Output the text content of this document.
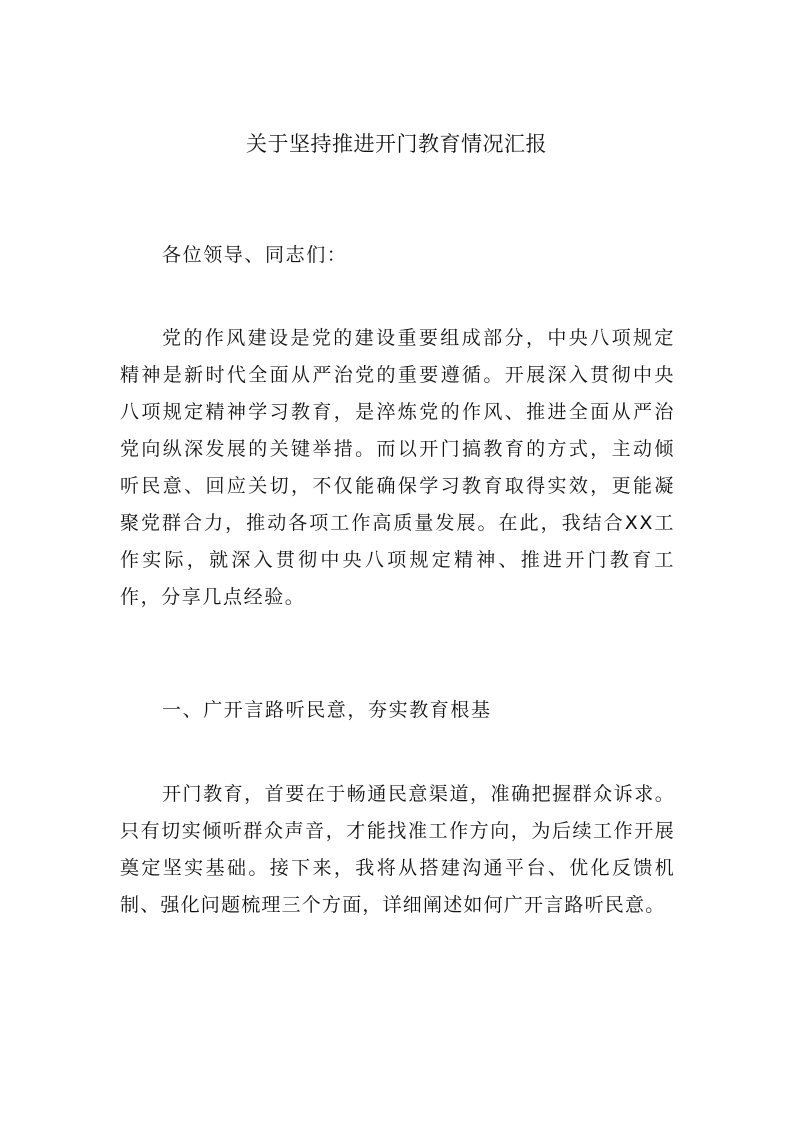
关于坚持推进开门教育情况汇报

各位领导、同志们：

党的作风建设是党的建设重要组成部分，中央八项规定精神是新时代全面从严治党的重要遵循。开展深入贯彻中央八项规定精神学习教育，是淬炼党的作风、推进全面从严治党向纵深发展的关键举措。而以开门搞教育的方式，主动倾听民意、回应关切，不仅能确保学习教育取得实效，更能凝聚党群合力，推动各项工作高质量发展。在此，我结合XX工作实际，就深入贯彻中央八项规定精神、推进开门教育工作，分享几点经验。

一、广开言路听民意，夯实教育根基

开门教育，首要在于畅通民意渠道，准确把握群众诉求。只有切实倾听群众声音，才能找准工作方向，为后续工作开展奠定坚实基础。接下来，我将从搭建沟通平台、优化反馈机制、强化问题梳理三个方面，详细阐述如何广开言路听民意。
